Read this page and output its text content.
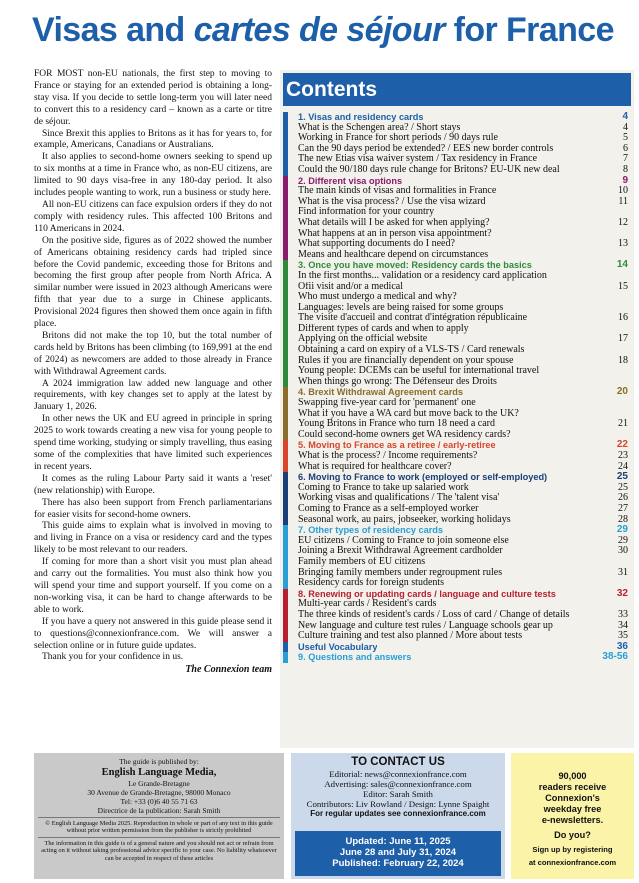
Visas and cartes de séjour for France

FOR MOST non-EU nationals, the first step to moving to France or staying for an extended period is obtaining a long-stay visa. If you decide to settle long-term you will later need to convert this to a residency card – known as a carte or titre de séjour.

Since Brexit this applies to Britons as it has for years to, for example, Americans, Canadians or Australians.

It also applies to second-home owners seeking to spend up to six months at a time in France who, as non-EU citizens, are limited to 90 days visa-free in any 180-day period. It also includes people wanting to work, run a business or study here.

All non-EU citizens can face expulsion orders if they do not comply with residency rules. This affected 100 Britons and 110 Americans in 2024.

On the positive side, figures as of 2022 showed the number of Americans obtaining residency cards had tripled since before the Covid pandemic, exceeding those for Britons and becoming the first group after people from North Africa. A similar number were issued in 2023 although Americans were fifth that year due to a surge in Chinese applicants. Provisional 2024 figures then showed them once again in fifth place.

Britons did not make the top 10, but the total number of cards held by Britons has been climbing (to 169,991 at the end of 2024) as newcomers are added to those already in France with Withdrawal Agreement cards.

A 2024 immigration law added new language and other requirements, with key changes set to apply at the latest by January 1, 2026.

In other news the UK and EU agreed in principle in spring 2025 to work towards creating a new visa for young people to spend time working, studying or simply travelling, thus easing some of the complexities that have limited such experiences in recent years.

It comes as the ruling Labour Party said it wants a 'reset' (new relationship) with Europe.

There has also been support from French parliamentarians for easier visits for second-home owners.

This guide aims to explain what is involved in moving to and living in France on a visa or residency card and the types likely to be most relevant to our readers.

If coming for more than a short visit you must plan ahead and carry out the formalities. You must also think how you will spend your time and support yourself. If you come on a non-working visa, it can be hard to change afterwards to be able to work.

If you have a query not answered in this guide please send it to questions@connexionfrance.com. We will answer a selection online or in future guide updates.

Thank you for your confidence in us.

The Connexion team

Contents
1. Visas and residency cards	4
What is the Schengen area? / Short stays	4
Working in France for short periods / 90 days rule	5
Can the 90 days period be extended? / EES new border controls	6
The new Etias visa waiver system / Tax residency in France	7
Could the 90/180 days rule change for Britons? EU-UK new deal	8
2. Different visa options	9
The main kinds of visas and formalities in France	10
What is the visa process? / Use the visa wizard	11
Find information for your country
What details will I be asked for when applying?	12
What happens at an in person visa appointment?
What supporting documents do I need?	13
Means and healthcare depend on circumstances
3. Once you have moved: Residency cards the basics	14
In the first months... validation or a residency card application
Ofii visit and/or a medical	15
Who must undergo a medical and why?
Languages: levels are being raised for some groups
The visite d'accueil and contrat d'intégration républicaine	16
Different types of cards and when to apply
Applying on the official website	17
Obtaining a card on expiry of a VLS-TS / Card renewals
Rules if you are financially dependent on your spouse	18
Young people: DCEMs can be useful for international travel
When things go wrong: The Défenseur des Droits
4. Brexit Withdrawal Agreement cards	20
Swapping five-year card for 'permanent' one
What if you have a WA card but move back to the UK?
Young Britons in France who turn 18 need a card	21
Could second-home owners get WA residency cards?
5. Moving to France as a retiree / early-retiree	22
What is the process? / Income requirements?	23
What is required for healthcare cover?	24
6. Moving to France to work (employed or self-employed)	25
Coming to France to take up salaried work	25
Working visas and qualifications / The 'talent visa'	26
Coming to France as a self-employed worker	27
Seasonal work, au pairs, jobseeker, working holidays	28
7. Other types of residency cards	29
EU citizens / Coming to France to join someone else	29
Joining a Brexit Withdrawal Agreement cardholder	30
Family members of EU citizens
Bringing family members under regroupment rules	31
Residency cards for foreign students
8. Renewing or updating cards / language and culture tests	32
Multi-year cards / Resident's cards
The three kinds of resident's cards / Loss of card / Change of details	33
New language and culture test rules / Language schools gear up	34
Culture training and test also planned / More about tests	35
Useful Vocabulary	36
9. Questions and answers	38-56
The guide is published by:
English Language Media,
Le Grande-Bretagne
30 Avenue de Grande-Bretagne, 98000 Monaco
Tel: +33 (0)6 40 55 71 63
Directrice de la publication: Sarah Smith
© English Language Media 2025. Reproduction in whole or part of any text in this guide without prior written permission from the publisher is strictly prohibited
The information in this guide is of a general nature and you should not act or refrain from acting on it without taking professional advice specific to your case. No liability whatsoever can be accepted in respect of these articles
TO CONTACT US
Editorial: news@connexionfrance.com
Advertising: sales@connexionfrance.com
Editor: Sarah Smith
Contributors: Liv Rowland / Design: Lynne Spaight
For regular updates see connexionfrance.com
Updated: June 11, 2025
June 28 and July 31, 2024
Published: February 22, 2024
90,000
readers receive
Connexion's
weekday free
e-newsletters.
Do you?
Sign up by registering
at connexionfrance.com
